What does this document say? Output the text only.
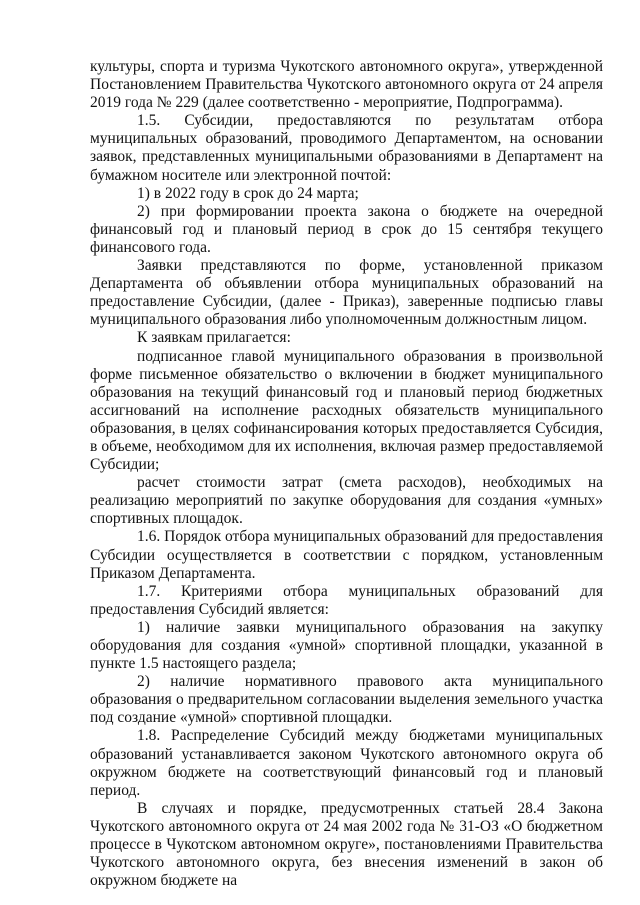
культуры, спорта и туризма Чукотского автономного округа», утвержденной Постановлением Правительства Чукотского автономного округа от 24 апреля 2019 года № 229 (далее соответственно - мероприятие, Подпрограмма).

1.5. Субсидии, предоставляются по результатам отбора муниципальных образований, проводимого Департаментом, на основании заявок, представленных муниципальными образованиями в Департамент на бумажном носителе или электронной почтой:

1) в 2022 году в срок до 24 марта;

2) при формировании проекта закона о бюджете на очередной финансовый год и плановый период в срок до 15 сентября текущего финансового года.

Заявки представляются по форме, установленной приказом Департамента об объявлении отбора муниципальных образований на предоставление Субсидии, (далее - Приказ), заверенные подписью главы муниципального образования либо уполномоченным должностным лицом.

К заявкам прилагается:

подписанное главой муниципального образования в произвольной форме письменное обязательство о включении в бюджет муниципального образования на текущий финансовый год и плановый период бюджетных ассигнований на исполнение расходных обязательств муниципального образования, в целях софинансирования которых предоставляется Субсидия, в объеме, необходимом для их исполнения, включая размер предоставляемой Субсидии;

расчет стоимости затрат (смета расходов), необходимых на реализацию мероприятий по закупке оборудования для создания «умных» спортивных площадок.

1.6. Порядок отбора муниципальных образований для предоставления Субсидии осуществляется в соответствии с порядком, установленным Приказом Департамента.

1.7. Критериями отбора муниципальных образований для предоставления Субсидий является:

1) наличие заявки муниципального образования на закупку оборудования для создания «умной» спортивной площадки, указанной в пункте 1.5 настоящего раздела;

2) наличие нормативного правового акта муниципального образования о предварительном согласовании выделения земельного участка под создание «умной» спортивной площадки.

1.8. Распределение Субсидий между бюджетами муниципальных образований устанавливается законом Чукотского автономного округа об окружном бюджете на соответствующий финансовый год и плановый период.

В случаях и порядке, предусмотренных статьей 28.4 Закона Чукотского автономного округа от 24 мая 2002 года № 31-ОЗ «О бюджетном процессе в Чукотском автономном округе», постановлениями Правительства Чукотского автономного округа, без внесения изменений в закон об окружном бюджете на
